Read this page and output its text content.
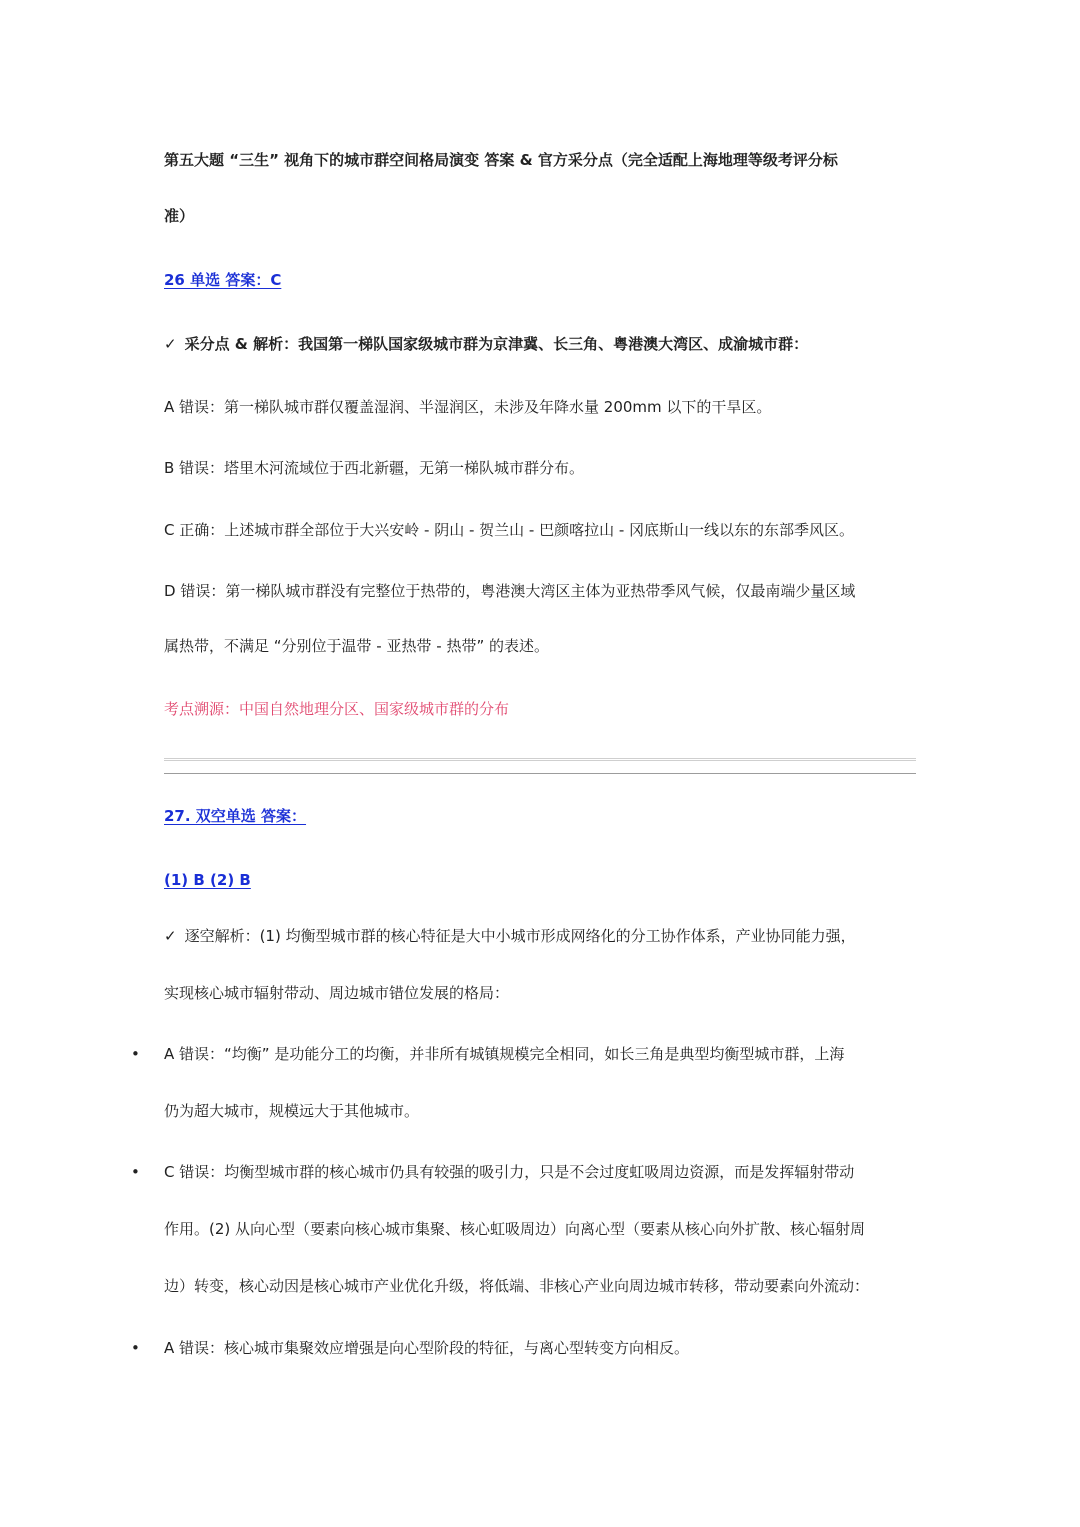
第五大题 “三生” 视角下的城市群空间格局演变 答案 & 官方采分点（完全适配上海地理等级考评分标
准）
26 单选 答案：C
✓ 采分点 & 解析：我国第一梯队国家级城市群为京津冀、长三角、粤港澳大湾区、成渝城市群：
A 错误：第一梯队城市群仅覆盖湿润、半湿润区，未涉及年降水量 200mm 以下的干旱区。
B 错误：塔里木河流域位于西北新疆，无第一梯队城市群分布。
C 正确：上述城市群全部位于大兴安岭 - 阴山 - 贺兰山 - 巴颜喀拉山 - 冈底斯山一线以东的东部季风区。
D 错误：第一梯队城市群没有完整位于热带的，粤港澳大湾区主体为亚热带季风气候，仅最南端少量区域
属热带，不满足 “分别位于温带 - 亚热带 - 热带” 的表述。
考点溯源：中国自然地理分区、国家级城市群的分布
27. 双空单选 答案：
(1) B (2) B
✓ 逐空解析：(1) 均衡型城市群的核心特征是大中小城市形成网络化的分工协作体系，产业协同能力强，
实现核心城市辐射带动、周边城市错位发展的格局：
• A 错误：“均衡” 是功能分工的均衡，并非所有城镇规模完全相同，如长三角是典型均衡型城市群，上海
仍为超大城市，规模远大于其他城市。
• C 错误：均衡型城市群的核心城市仍具有较强的吸引力，只是不会过度虹吸周边资源，而是发挥辐射带动
作用。(2) 从向心型（要素向核心城市集聚、核心虹吸周边）向离心型（要素从核心向外扩散、核心辐射周
边）转变，核心动因是核心城市产业优化升级，将低端、非核心产业向周边城市转移，带动要素向外流动：
• A 错误：核心城市集聚效应增强是向心型阶段的特征，与离心型转变方向相反。
